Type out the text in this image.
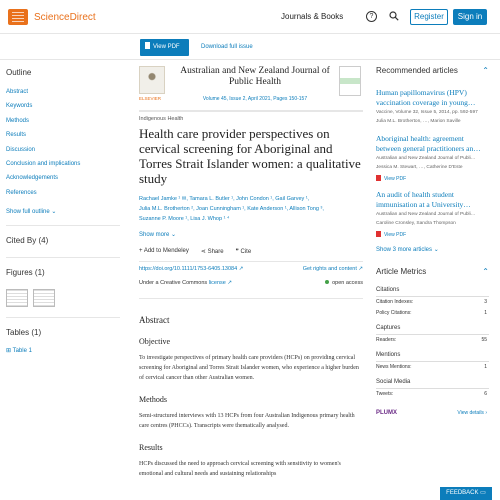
ScienceDirect	Journals & Books	?	Register	Sign in
View PDF	Download full issue
Outline
Abstract
Keywords
Methods
Results
Discussion
Conclusion and implications
Acknowledgements
References
Show full outline ⌄
Cited By (4)
Figures (1)
Tables (1)
⊞ Table 1
ELSEVIER
Australian and New Zealand Journal of Public Health
Volume 45, Issue 2, April 2021, Pages 150-157
Indigenous Health
Health care provider perspectives on cervical screening for Aboriginal and Torres Strait Islander women: a qualitative study
Rachael Jamke ¹ ✉, Tamara L. Butler ¹, John Condon ¹, Gail Garvey ¹,
Julia M.L. Brotherton ², Joan Cunningham ¹, Kate Anderson ¹, Allison Tong ³,
Suzanne P. Moore ¹, Lisa J. Whop ¹ ⁴
Show more ⌄
+ Add to Mendeley ⋖ Share ❞ Cite
https://doi.org/10.1111/1753-6405.13084 ↗	Get rights and content ↗
Under a Creative Commons license ↗	open access
Abstract
Objective
To investigate perspectives of primary health care providers (HCPs) on providing cervical screening for Aboriginal and Torres Strait Islander women, who experience a higher burden of cervical cancer than other Australian women.
Methods
Semi-structured interviews with 13 HCPs from four Australian Indigenous primary health care centres (PHCCs). Transcripts were thematically analysed.
Results
HCPs discussed the need to approach cervical screening with sensitivity to women's emotional and cultural needs and sustaining relationships
Recommended articles	⌃
Human papillomavirus (HPV) vaccination coverage in young…
Vaccine, Volume 32, Issue 5, 2014, pp. 592-597
Julia M.L. Brotherton, …, Marion Saville
Aboriginal health: agreement between general practitioners an…
Australian and New Zealand Journal of Publi…
Jessica M. Stewart, …, Catherine D'Este
View PDF
An audit of health student immunisation at a University…
Australian and New Zealand Journal of Publi…
Caroline Cronsley, Sandra Thompson
View PDF
Show 3 more articles ⌄
Article Metrics	⌃
Citations
Citation Indexes:	3
Policy Citations:	1
Captures
Readers:	55
Mentions
News Mentions:	1
Social Media
Tweets:	6
PLUMX	View details ›
FEEDBACK ▭
